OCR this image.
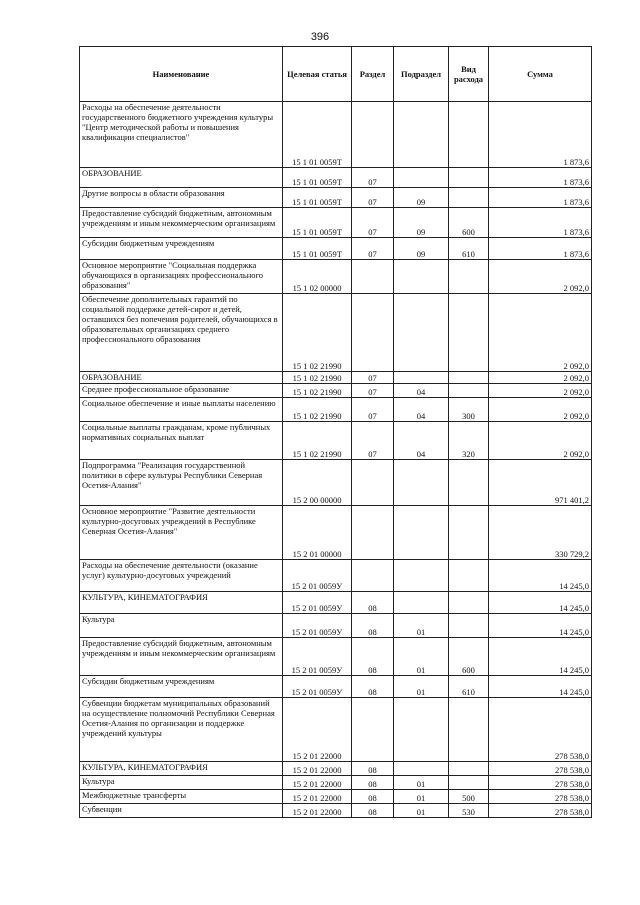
396
Наименование	Целевая статья	Раздел	Подраздел	Вид расхода	Сумма
Расходы на обеспечение деятельности государственного бюджетного учреждения культуры "Центр методической работы и повышения квалификации специалистов"	15 1 01 0059Т				1 873,6
ОБРАЗОВАНИЕ	15 1 01 0059Т	07			1 873,6
Другие вопросы в области образования	15 1 01 0059Т	07	09		1 873,6
Предоставление субсидий бюджетным, автономным учреждениям и иным некоммерческим организациям	15 1 01 0059Т	07	09	600	1 873,6
Субсидии бюджетным учреждениям	15 1 01 0059Т	07	09	610	1 873,6
Основное мероприятие "Социальная поддержка обучающихся в организациях профессионального образования"	15 1 02 00000				2 092,0
Обеспечение дополнительных гарантий по социальной поддержке детей-сирот и детей, оставшихся без попечения родителей, обучающихся в образовательных организациях среднего профессионального образования	15 1 02 21990				2 092,0
ОБРАЗОВАНИЕ	15 1 02 21990	07			2 092,0
Среднее профессиональное образование	15 1 02 21990	07	04		2 092,0
Социальное обеспечение и иные выплаты населению	15 1 02 21990	07	04	300	2 092,0
Социальные выплаты гражданам, кроме публичных нормативных социальных выплат	15 1 02 21990	07	04	320	2 092,0
Подпрограмма "Реализация государственной политики в сфере культуры Республики Северная Осетия-Алания"	15 2 00 00000				971 401,2
Основное мероприятие "Развитие деятельности культурно-досуговых учреждений в Республике Северная Осетия-Алания"	15 2 01 00000				330 729,2
Расходы на обеспечение деятельности (оказание услуг) культурно-досуговых учреждений	15 2 01 0059У				14 245,0
КУЛЬТУРА, КИНЕМАТОГРАФИЯ	15 2 01 0059У	08			14 245,0
Культура	15 2 01 0059У	08	01		14 245,0
Предоставление субсидий бюджетным, автономным учреждениям и иным некоммерческим организациям	15 2 01 0059У	08	01	600	14 245,0
Субсидии бюджетным учреждениям	15 2 01 0059У	08	01	610	14 245,0
Субвенции бюджетам муниципальных образований на осуществление полномочий Республики Северная Осетия-Алания по организации и поддержке учреждений культуры	15 2 01 22000				278 538,0
КУЛЬТУРА, КИНЕМАТОГРАФИЯ	15 2 01 22000	08			278 538,0
Культура	15 2 01 22000	08	01		278 538,0
Межбюджетные трансферты	15 2 01 22000	08	01	500	278 538,0
Субвенции	15 2 01 22000	08	01	530	278 538,0
